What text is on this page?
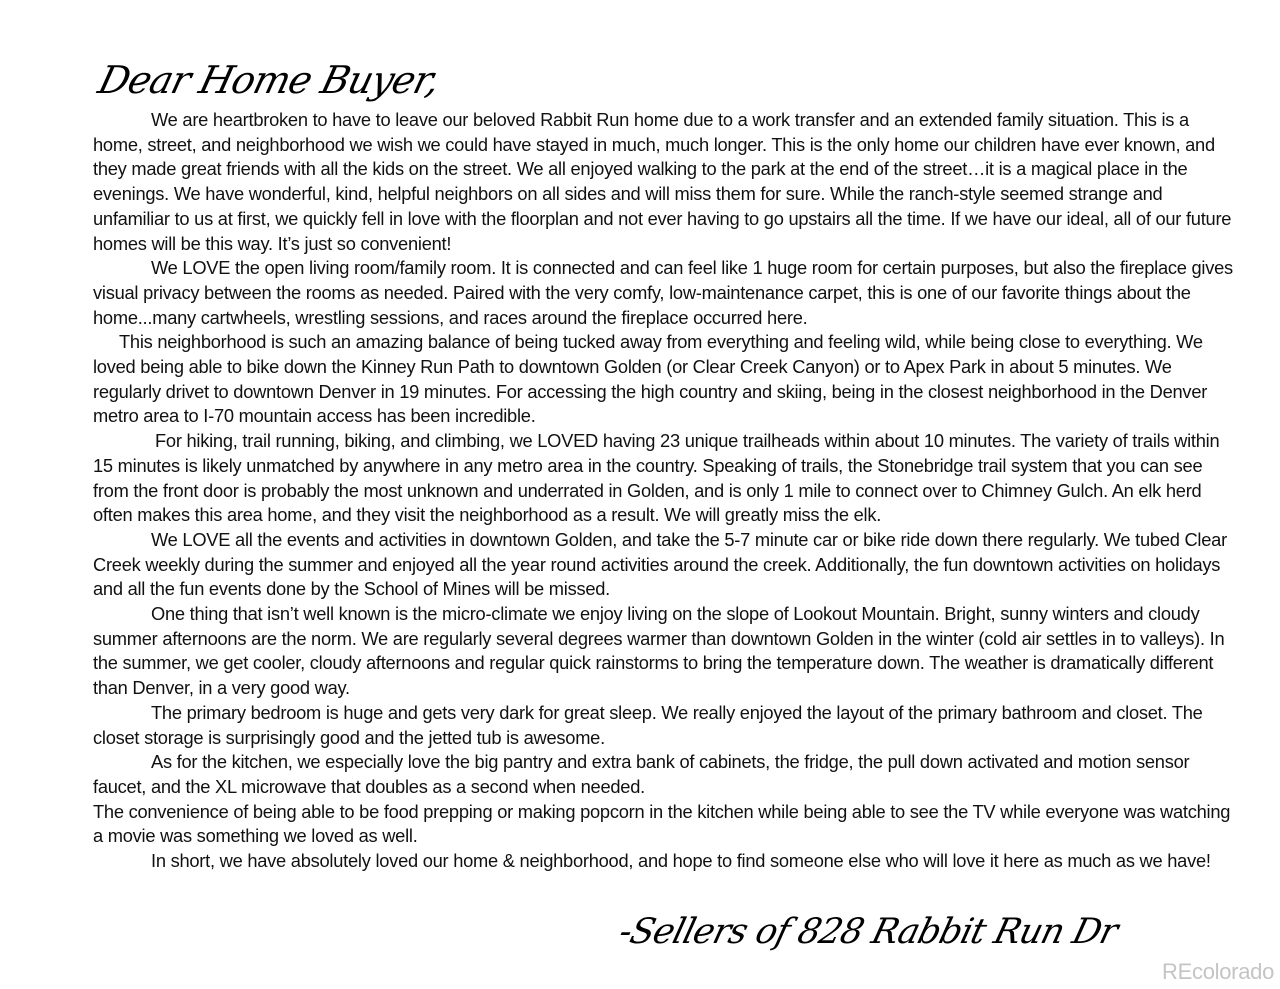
Dear Home Buyer,

We are heartbroken to have to leave our beloved Rabbit Run home due to a work transfer and an extended family situation. This is a home, street, and neighborhood we wish we could have stayed in much, much longer. This is the only home our children have ever known, and they made great friends with all the kids on the street. We all enjoyed walking to the park at the end of the street…it is a magical place in the evenings. We have wonderful, kind, helpful neighbors on all sides and will miss them for sure. While the ranch-style seemed strange and unfamiliar to us at first, we quickly fell in love with the floorplan and not ever having to go upstairs all the time. If we have our ideal, all of our future homes will be this way. It’s just so convenient!

We LOVE the open living room/family room. It is connected and can feel like 1 huge room for certain purposes, but also the fireplace gives visual privacy between the rooms as needed. Paired with the very comfy, low-maintenance carpet, this is one of our favorite things about the home...many cartwheels, wrestling sessions, and races around the fireplace occurred here.

This neighborhood is such an amazing balance of being tucked away from everything and feeling wild, while being close to everything. We loved being able to bike down the Kinney Run Path to downtown Golden (or Clear Creek Canyon) or to Apex Park in about 5 minutes. We regularly drivet to downtown Denver in 19 minutes. For accessing the high country and skiing, being in the closest neighborhood in the Denver metro area to I-70 mountain access has been incredible.

For hiking, trail running, biking, and climbing, we LOVED having 23 unique trailheads within about 10 minutes. The variety of trails within 15 minutes is likely unmatched by anywhere in any metro area in the country. Speaking of trails, the Stonebridge trail system that you can see from the front door is probably the most unknown and underrated in Golden, and is only 1 mile to connect over to Chimney Gulch. An elk herd often makes this area home, and they visit the neighborhood as a result. We will greatly miss the elk.

We LOVE all the events and activities in downtown Golden, and take the 5-7 minute car or bike ride down there regularly. We tubed Clear Creek weekly during the summer and enjoyed all the year round activities around the creek. Additionally, the fun downtown activities on holidays and all the fun events done by the School of Mines will be missed.

One thing that isn’t well known is the micro-climate we enjoy living on the slope of Lookout Mountain. Bright, sunny winters and cloudy summer afternoons are the norm. We are regularly several degrees warmer than downtown Golden in the winter (cold air settles in to valleys). In the summer, we get cooler, cloudy afternoons and regular quick rainstorms to bring the temperature down. The weather is dramatically different than Denver, in a very good way.

The primary bedroom is huge and gets very dark for great sleep. We really enjoyed the layout of the primary bathroom and closet. The closet storage is surprisingly good and the jetted tub is awesome.

As for the kitchen, we especially love the big pantry and extra bank of cabinets, the fridge, the pull down activated and motion sensor faucet, and the XL microwave that doubles as a second when needed.

The convenience of being able to be food prepping or making popcorn in the kitchen while being able to see the TV while everyone was watching a movie was something we loved as well.

In short, we have absolutely loved our home & neighborhood, and hope to find someone else who will love it here as much as we have!

-Sellers of 828 Rabbit Run Dr
REcolorado
